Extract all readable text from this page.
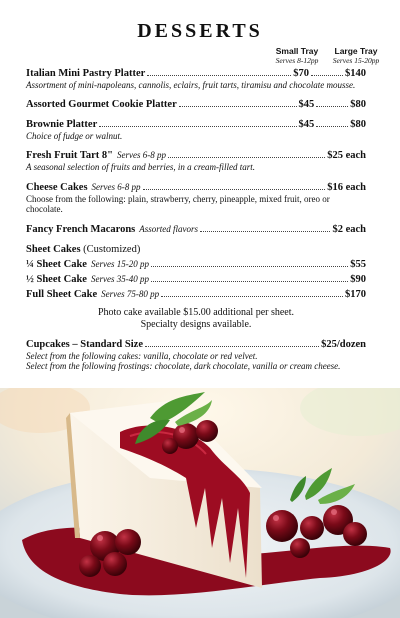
DESSERTS
Small Tray
Serves 8-12pp
Large Tray
Serves 15-20pp
Italian Mini Pastry Platter	$70	$140
Assortment of mini-napoleans, cannolis, eclairs, fruit tarts, tiramisu and chocolate mousse.
Assorted Gourmet Cookie Platter	$45	$80
Brownie Platter	$45	$80
Choice of fudge or walnut.
Fresh Fruit Tart 8" Serves 6-8 pp	$25 each
A seasonal selection of fruits and berries, in a cream-filled tart.
Cheese Cakes Serves 6-8 pp	$16 each
Choose from the following: plain, strawberry, cherry, pineapple, mixed fruit, oreo or chocolate.
Fancy French Macarons Assorted flavors	$2 each
Sheet Cakes (Customized)
¼ Sheet Cake Serves 15-20 pp	$55
½ Sheet Cake Serves 35-40 pp	$90
Full Sheet Cake Serves 75-80 pp	$170
Photo cake available $15.00 additional per sheet.
Specialty designs available.
Cupcakes – Standard Size	$25/dozen
Select from the following cakes: vanilla, chocolate or red velvet.
Select from the following frostings: chocolate, dark chocolate, vanilla or cream cheese.
